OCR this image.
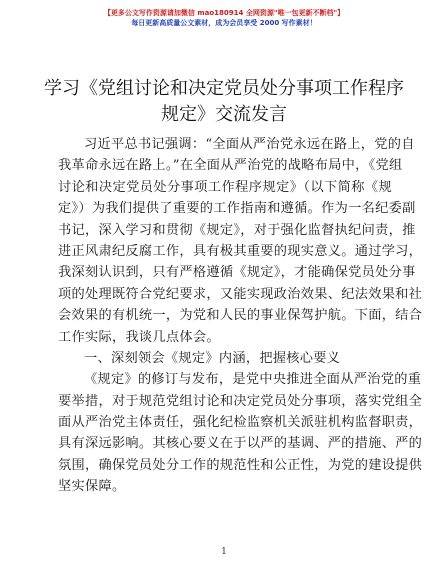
【更多公文写作资源请加微信 mao180914 全网资源"唯一包更新不断档"】
每日更新高质量公文素材，成为会员享受 2000 写作素材！
学习《党组讨论和决定党员处分事项工作程序
规定》交流发言
习近平总书记强调：“全面从严治党永远在路上，党的自
我革命永远在路上。”在全面从严治党的战略布局中，《党组
讨论和决定党员处分事项工作程序规定》（以下简称《规
定》）为我们提供了重要的工作指南和遵循。作为一名纪委副
书记，深入学习和贯彻《规定》，对于强化监督执纪问责，推
进正风肃纪反腐工作，具有极其重要的现实意义。通过学习，
我深刻认识到，只有严格遵循《规定》，才能确保党员处分事
项的处理既符合党纪要求，又能实现政治效果、纪法效果和社
会效果的有机统一，为党和人民的事业保驾护航。下面，结合
工作实际，我谈几点体会。
一、深刻领会《规定》内涵，把握核心要义
《规定》的修订与发布，是党中央推进全面从严治党的重
要举措，对于规范党组讨论和决定党员处分事项，落实党组全
面从严治党主体责任，强化纪检监察机关派驻机构监督职责，
具有深远影响。其核心要义在于以严的基调、严的措施、严的
氛围，确保党员处分工作的规范性和公正性，为党的建设提供
坚实保障。
1
